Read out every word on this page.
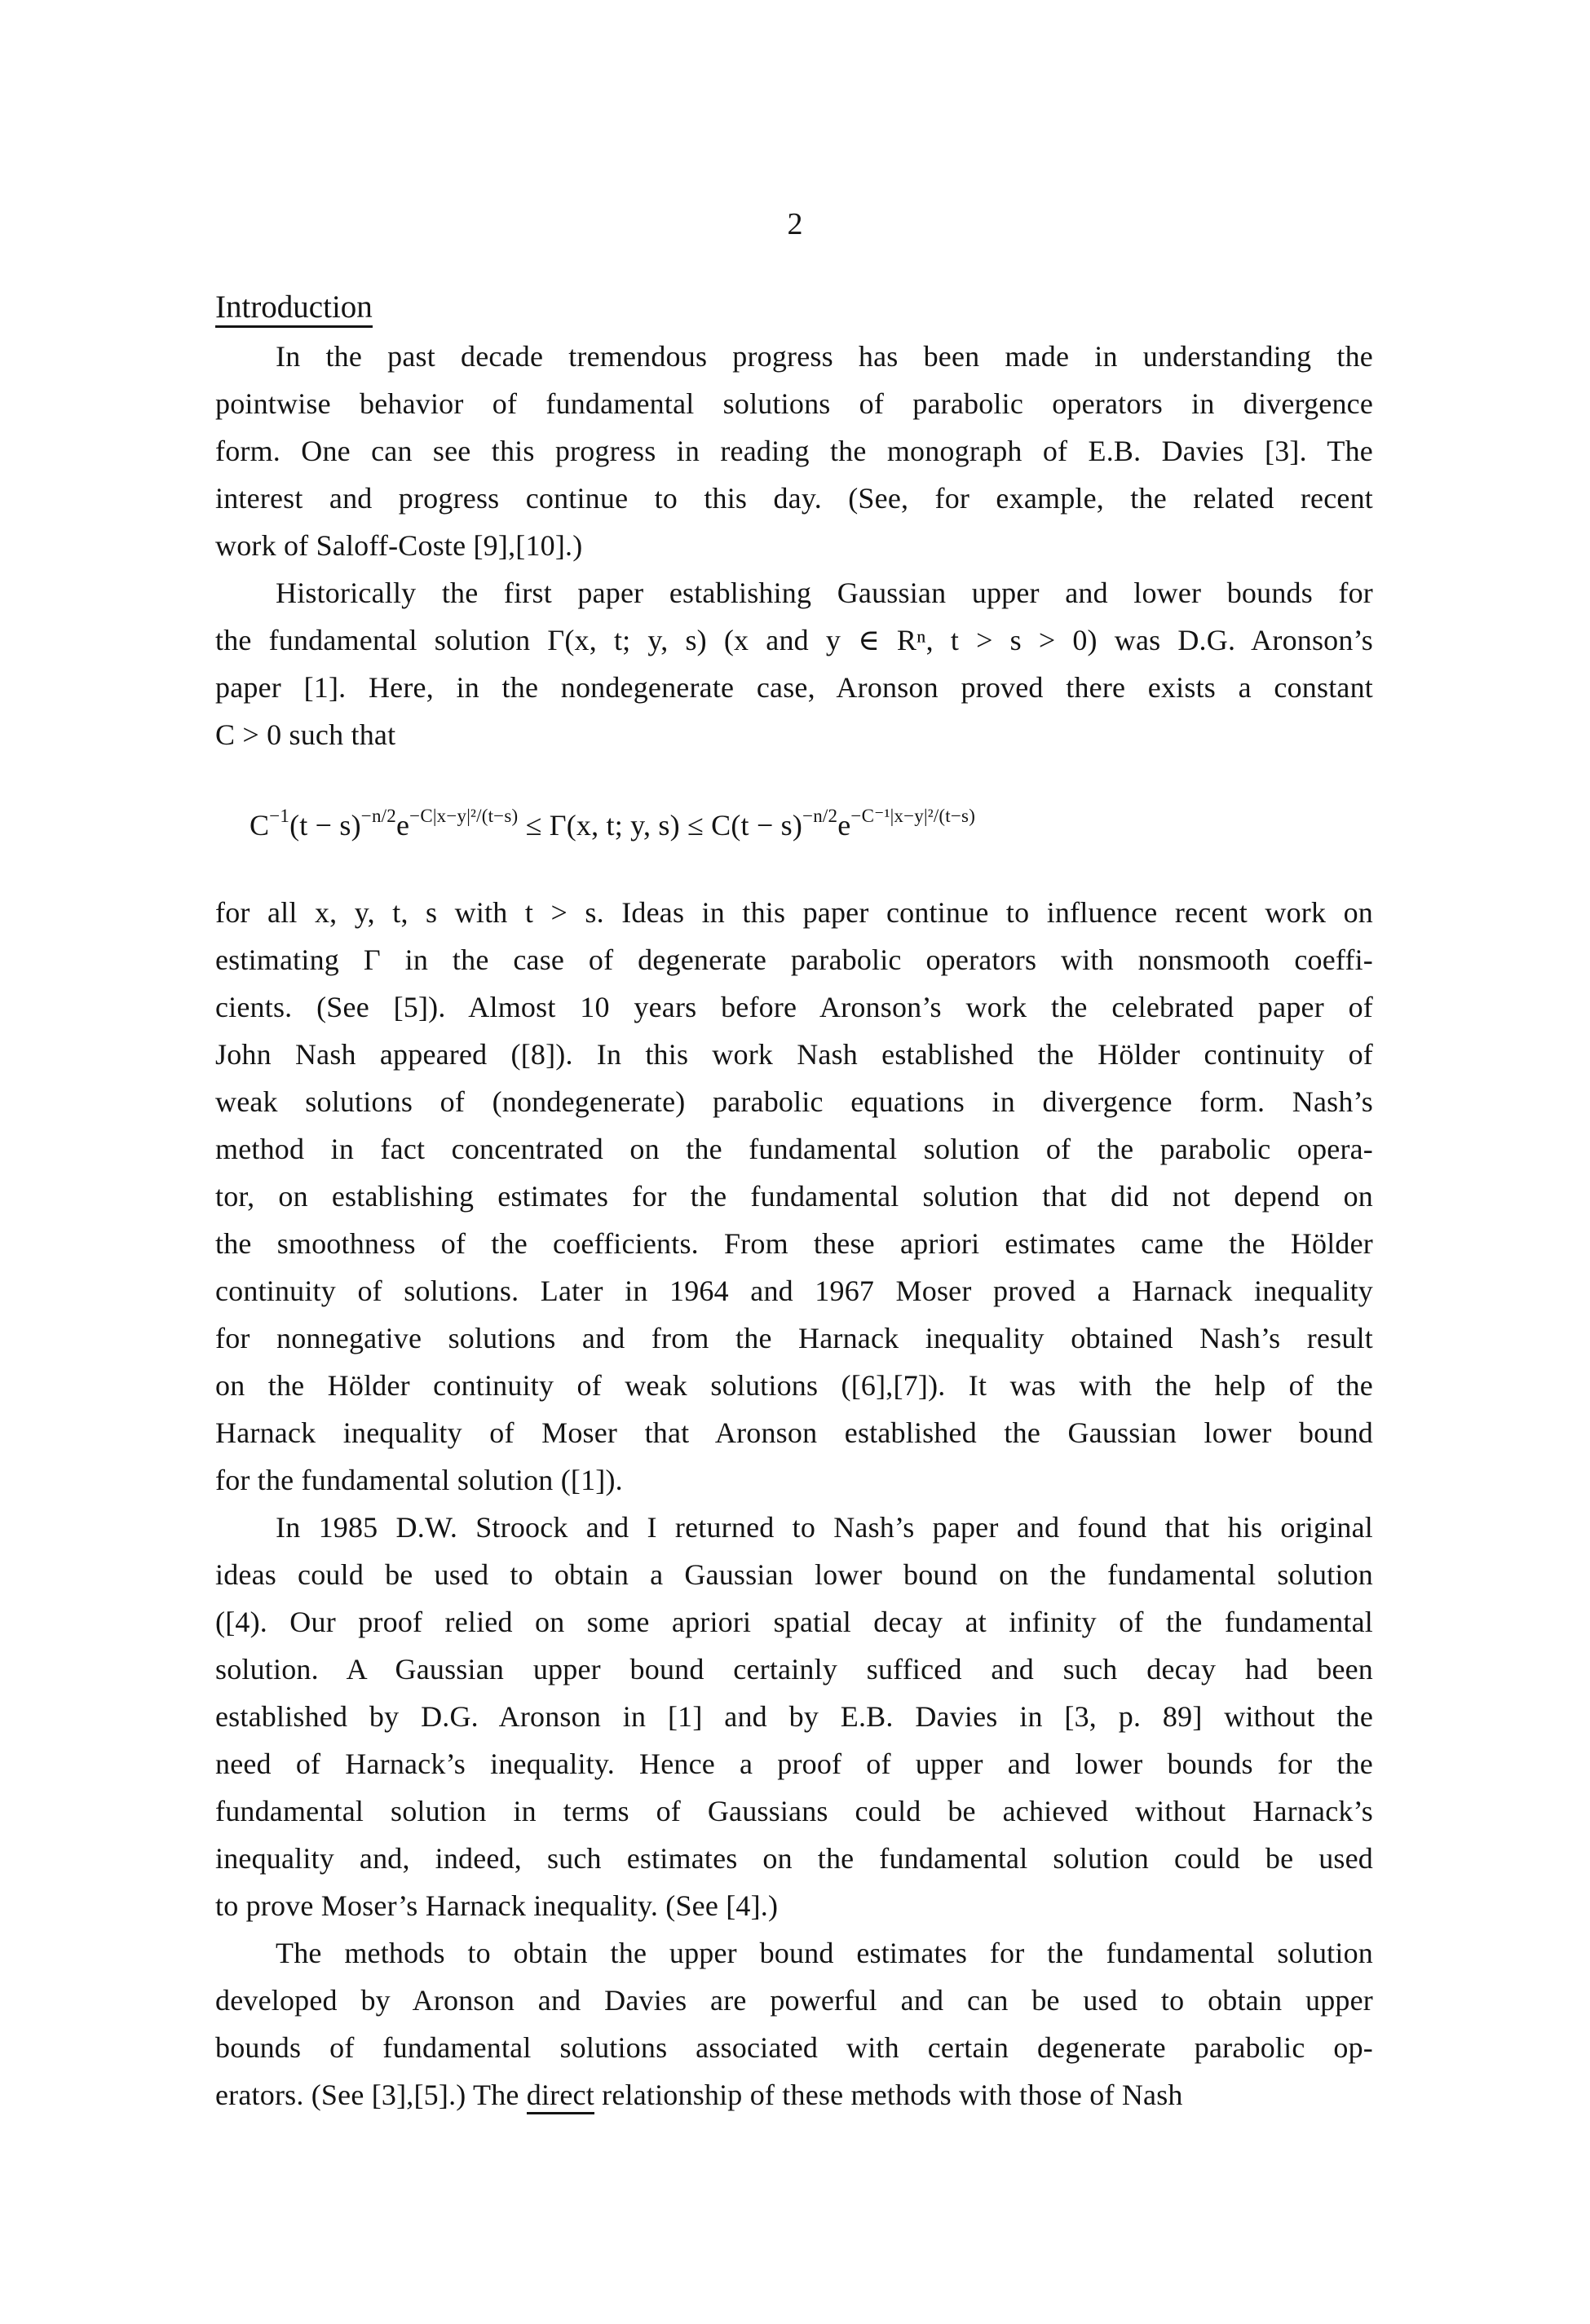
2
Introduction
In the past decade tremendous progress has been made in understanding the
pointwise behavior of fundamental solutions of parabolic operators in divergence
form. One can see this progress in reading the monograph of E.B. Davies [3]. The
interest and progress continue to this day. (See, for example, the related recent
work of Saloff-Coste [9],[10].)
Historically the first paper establishing Gaussian upper and lower bounds for
the fundamental solution Γ(x, t; y, s) (x and y ∈ Rⁿ, t > s > 0) was D.G. Aronson’s
paper [1]. Here, in the nondegenerate case, Aronson proved there exists a constant
C > 0 such that
$C^{-1}(t - s)^{-n/2}e^{-C|x-y|^2/(t-s)} \le \Gamma(x$, t; y, $s) \le C(t - s)^{-n/2}e^{-C^{-1}|x-y|^2/(t-s)}$
for all x, y, t, s with t > s. Ideas in this paper continue to influence recent work on
estimating Γ in the case of degenerate parabolic operators with nonsmooth coeffi-
cients. (See [5]). Almost 10 years before Aronson’s work the celebrated paper of
John Nash appeared ([8]). In this work Nash established the Hölder continuity of
weak solutions of (nondegenerate) parabolic equations in divergence form. Nash’s
method in fact concentrated on the fundamental solution of the parabolic opera-
tor, on establishing estimates for the fundamental solution that did not depend on
the smoothness of the coefficients. From these apriori estimates came the Hölder
continuity of solutions. Later in 1964 and 1967 Moser proved a Harnack inequality
for nonnegative solutions and from the Harnack inequality obtained Nash’s result
on the Hölder continuity of weak solutions ([6],[7]). It was with the help of the
Harnack inequality of Moser that Aronson established the Gaussian lower bound
for the fundamental solution ([1]).
In 1985 D.W. Stroock and I returned to Nash’s paper and found that his original
ideas could be used to obtain a Gaussian lower bound on the fundamental solution
([4). Our proof relied on some apriori spatial decay at infinity of the fundamental
solution. A Gaussian upper bound certainly sufficed and such decay had been
established by D.G. Aronson in [1] and by E.B. Davies in [3, p. 89] without the
need of Harnack’s inequality. Hence a proof of upper and lower bounds for the
fundamental solution in terms of Gaussians could be achieved without Harnack’s
inequality and, indeed, such estimates on the fundamental solution could be used
to prove Moser’s Harnack inequality. (See [4].)
The methods to obtain the upper bound estimates for the fundamental solution
developed by Aronson and Davies are powerful and can be used to obtain upper
bounds of fundamental solutions associated with certain degenerate parabolic op-
erators. (See [3],[5].) The direct relationship of these methods with those of Nash
